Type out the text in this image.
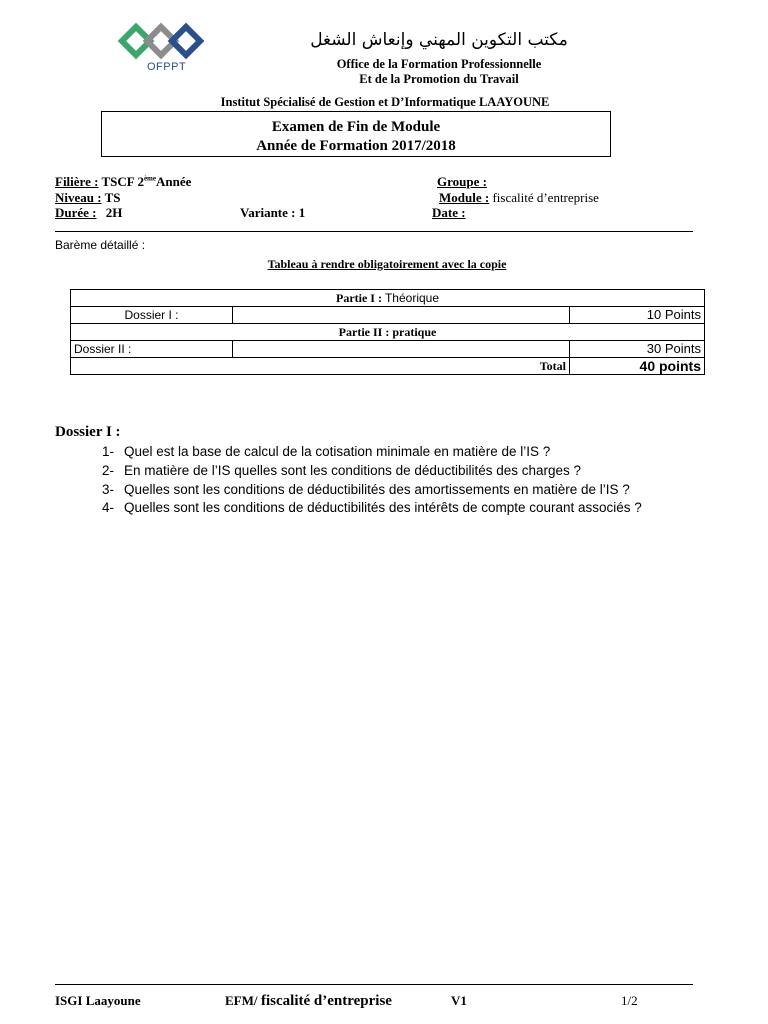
OFPPT
مكتب التكوين المهني وإنعاش الشغل
Office de la Formation Professionnelle
Et de la Promotion du Travail
Institut Spécialisé de Gestion et D’Informatique LAAYOUNE
Examen de Fin de Module
Année de Formation 2017/2018
Filière : TSCF 2èmeAnnée
Niveau : TS
Durée : 2H	Variante : 1
Groupe :
Module : fiscalité d’entreprise
Date :
Barème détaillé :
Tableau à rendre obligatoirement avec la copie
Partie I : Théorique		
Dossier I :		10 Points
Partie II : pratique		
Dossier II :		30 Points
Total		40 points
Dossier I :
1- Quel est la base de calcul de la cotisation minimale en matière de l’IS ?
2- En matière de l’IS quelles sont les conditions de déductibilités des charges ?
3- Quelles sont les conditions de déductibilités des amortissements en matière de l’IS ?
4- Quelles sont les conditions de déductibilités des intérêts de compte courant associés ?
ISGI Laayoune	EFM/ fiscalité d’entreprise	V1	1/2
